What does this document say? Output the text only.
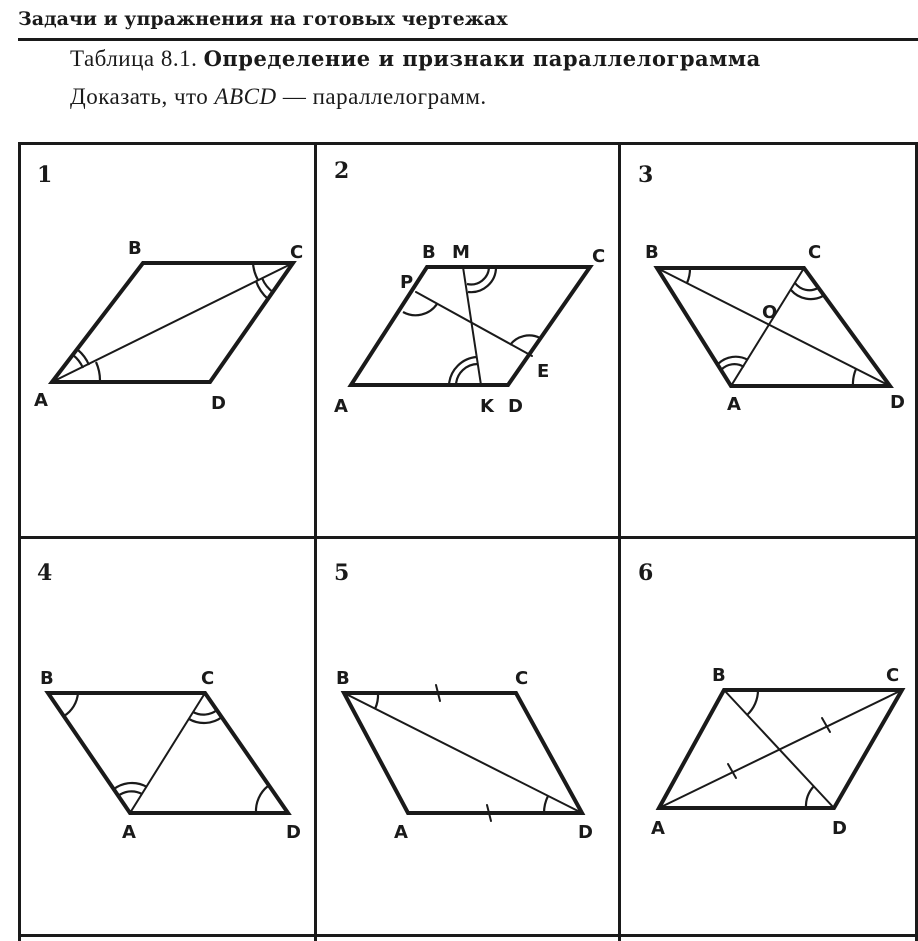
Задачи и упражнения на готовых чертежах
Таблица 8.1. Определение и признаки параллелограмма
Доказать, что ABCD — параллелограмм.
1	2	3
4	5	6
A
B	C
D	A
B M	C
P
E
K D
B	C
O
A	D
B	C
A	D
B	C
A	D
B	C
A	D
